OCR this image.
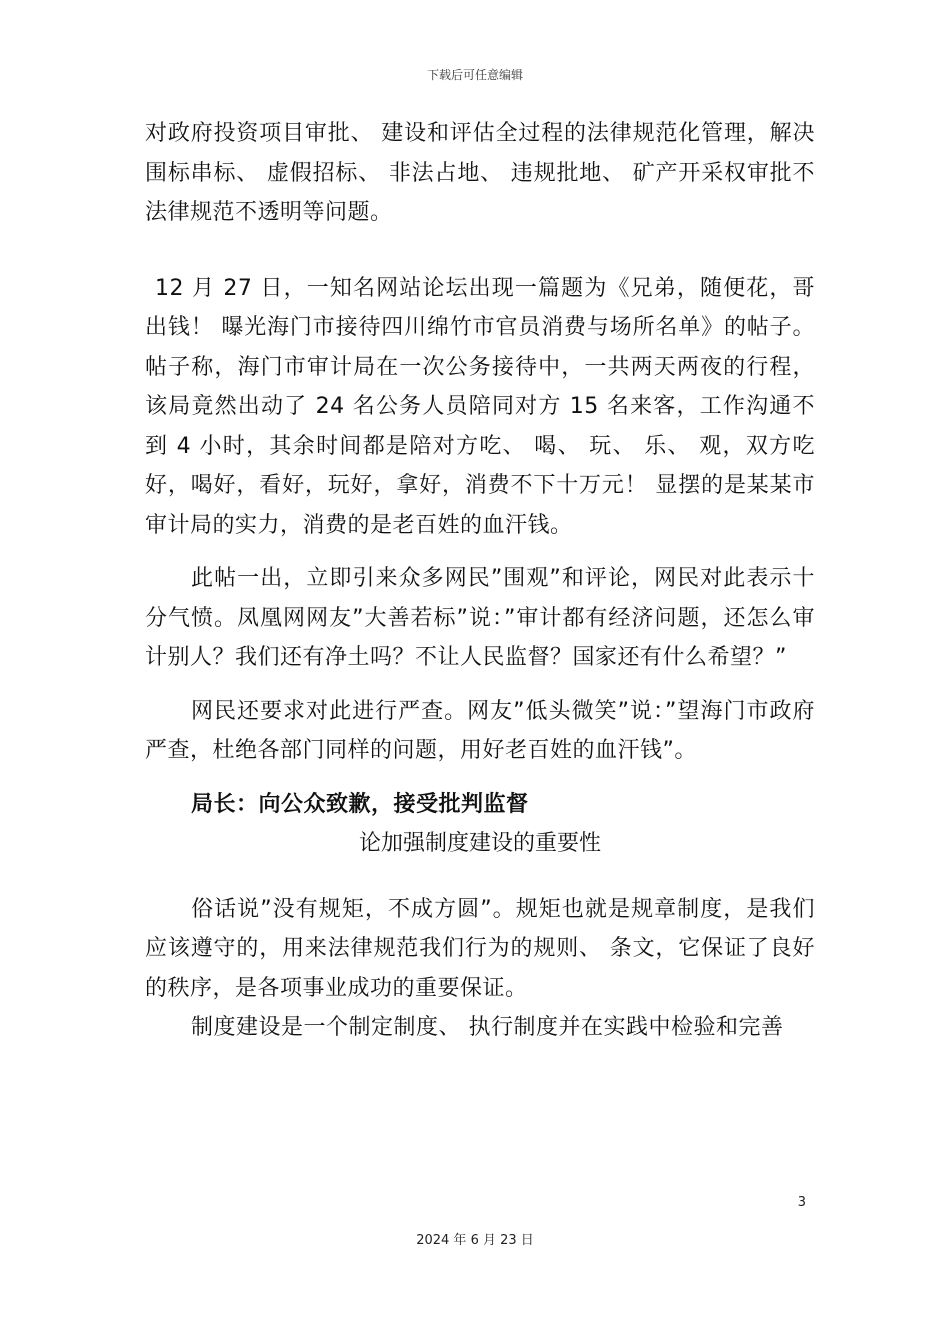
下载后可任意编辑

对政府投资项目审批、 建设和评估全过程的法律规范化管理，解决围标串标、 虚假招标、 非法占地、 违规批地、 矿产开采权审批不法律规范不透明等问题。

12 月 27 日，一知名网站论坛出现一篇题为《兄弟，随便花，哥出钱！ 曝光海门市接待四川绵竹市官员消费与场所名单》的帖子。帖子称，海门市审计局在一次公务接待中，一共两天两夜的行程，该局竟然出动了 24 名公务人员陪同对方 15 名来客，工作沟通不到 4 小时，其余时间都是陪对方吃、 喝、 玩、 乐、 观，双方吃好，喝好，看好，玩好，拿好，消费不下十万元！ 显摆的是某某市审计局的实力，消费的是老百姓的血汗钱。

此帖一出，立即引来众多网民”围观”和评论，网民对此表示十分气愤。凤凰网网友”大善若标”说：”审计都有经济问题，还怎么审计别人？我们还有净土吗？不让人民监督？国家还有什么希望？”

网民还要求对此进行严查。网友”低头微笑”说：”望海门市政府严查，杜绝各部门同样的问题，用好老百姓的血汗钱”。

局长：向公众致歉，接受批判监督

论加强制度建设的重要性

俗话说”没有规矩，不成方圆”。规矩也就是规章制度，是我们应该遵守的，用来法律规范我们行为的规则、 条文，它保证了良好的秩序，是各项事业成功的重要保证。

制度建设是一个制定制度、 执行制度并在实践中检验和完善

3
2024 年 6 月 23 日
